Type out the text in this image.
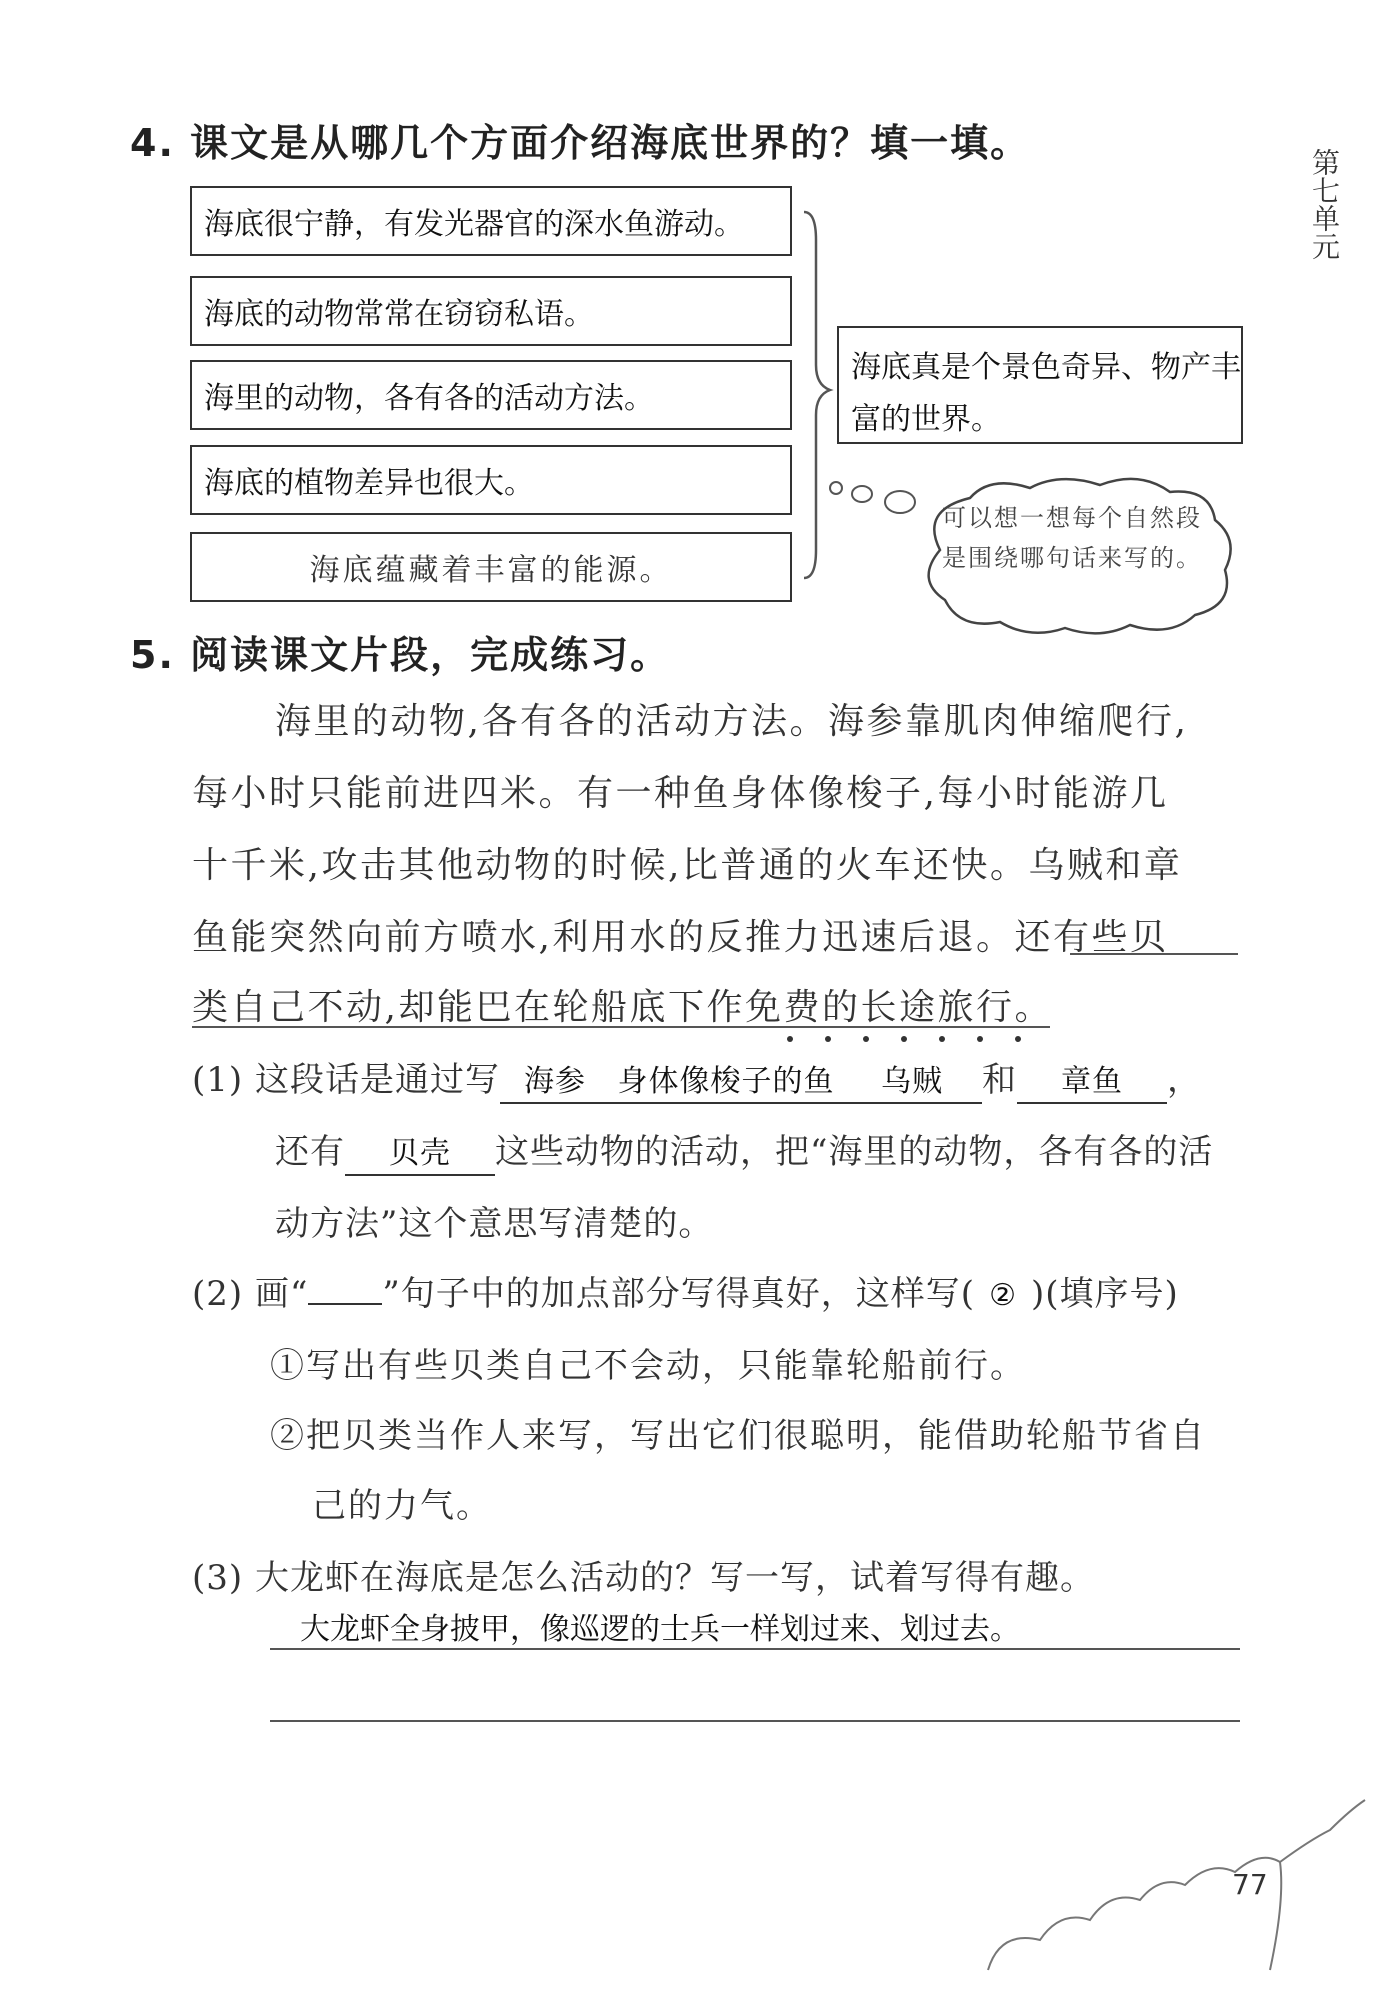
第七单元
4. 课文是从哪几个方面介绍海底世界的？填一填。
海底很宁静，有发光器官的深水鱼游动。
海底的动物常常在窃窃私语。
海里的动物，各有各的活动方法。
海底的植物差异也很大。
海底蕴藏着丰富的能源。
海底真是个景色奇异、物产丰富的世界。
可以想一想每个自然段是围绕哪句话来写的。
5. 阅读课文片段，完成练习。
海里的动物,各有各的活动方法。海参靠肌肉伸缩爬行,
每小时只能前进四米。有一种鱼身体像梭子,每小时能游几
十千米,攻击其他动物的时候,比普通的火车还快。乌贼和章
鱼能突然向前方喷水,利用水的反推力迅速后退。还有些贝
类自己不动,却能巴在轮船底下作免费的长途旅行。
(1) 这段话是通过写 海参 身体像梭子的鱼 乌贼 和 章鱼 ，
还有 贝壳 这些动物的活动，把“海里的动物，各有各的活
动方法”这个意思写清楚的。
(2) 画“ ”句子中的加点部分写得真好，这样写( ② )(填序号)
①写出有些贝类自己不会动，只能靠轮船前行。
②把贝类当作人来写，写出它们很聪明，能借助轮船节省自
己的力气。
(3) 大龙虾在海底是怎么活动的？写一写，试着写得有趣。
大龙虾全身披甲，像巡逻的士兵一样划过来、划过去。
77
